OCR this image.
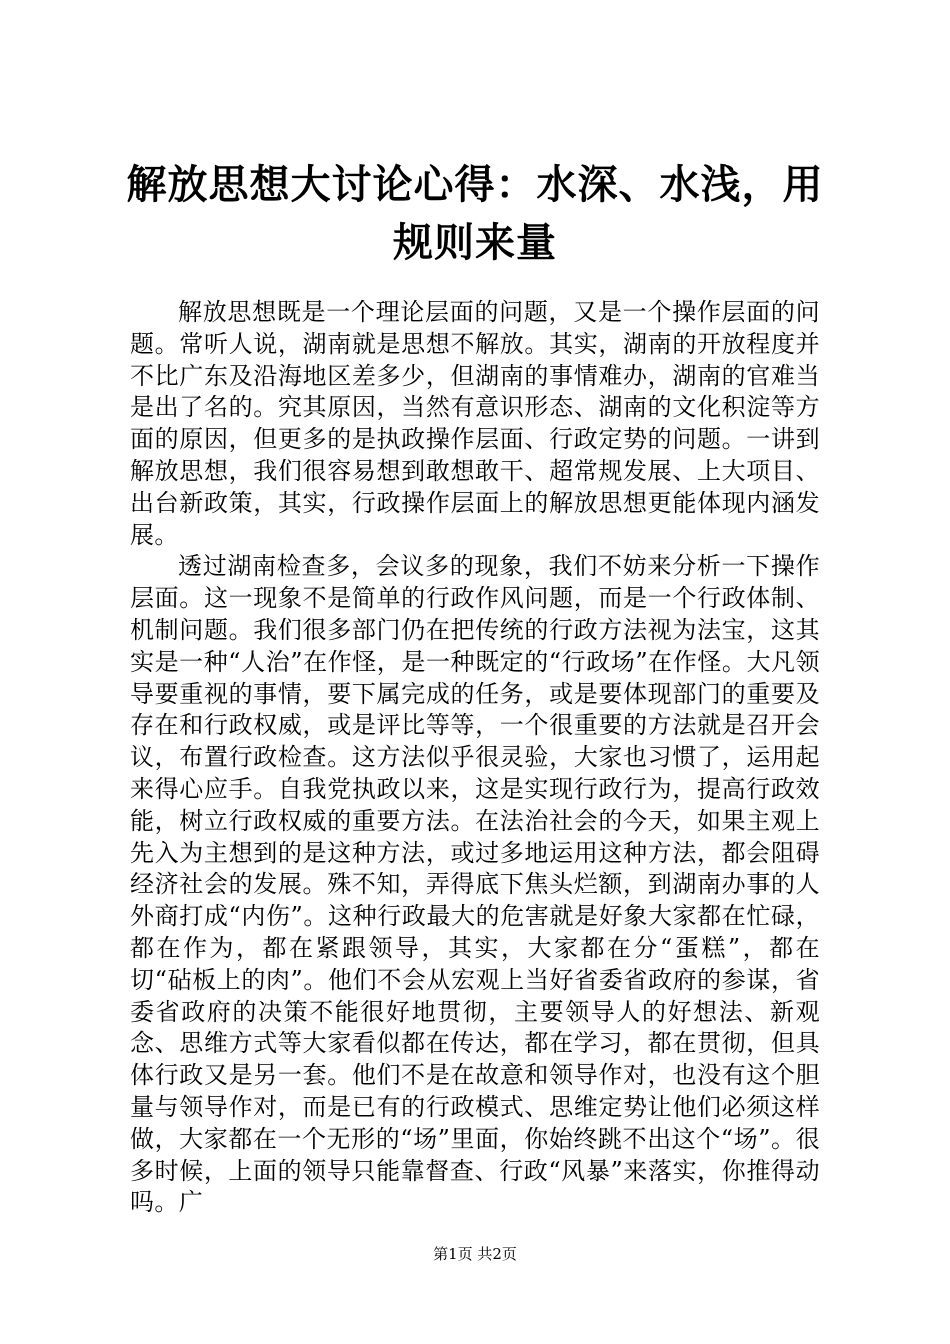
解放思想大讨论心得：水深、水浅，用规则来量

解放思想既是一个理论层面的问题，又是一个操作层面的问题。常听人说，湖南就是思想不解放。其实，湖南的开放程度并不比广东及沿海地区差多少，但湖南的事情难办，湖南的官难当是出了名的。究其原因，当然有意识形态、湖南的文化积淀等方面的原因，但更多的是执政操作层面、行政定势的问题。一讲到解放思想，我们很容易想到敢想敢干、超常规发展、上大项目、出台新政策，其实，行政操作层面上的解放思想更能体现内涵发展。

透过湖南检查多，会议多的现象，我们不妨来分析一下操作层面。这一现象不是简单的行政作风问题，而是一个行政体制、机制问题。我们很多部门仍在把传统的行政方法视为法宝，这其实是一种“人治”在作怪，是一种既定的“行政场”在作怪。大凡领导要重视的事情，要下属完成的任务，或是要体现部门的重要及存在和行政权威，或是评比等等，一个很重要的方法就是召开会议，布置行政检查。这方法似乎很灵验，大家也习惯了，运用起来得心应手。自我党执政以来，这是实现行政行为，提高行政效能，树立行政权威的重要方法。在法治社会的今天，如果主观上先入为主想到的是这种方法，或过多地运用这种方法，都会阻碍经济社会的发展。殊不知，弄得底下焦头烂额，到湖南办事的人外商打成“内伤”。这种行政最大的危害就是好象大家都在忙碌，都在作为，都在紧跟领导，其实，大家都在分“蛋糕”，都在切“砧板上的肉”。他们不会从宏观上当好省委省政府的参谋，省委省政府的决策不能很好地贯彻，主要领导人的好想法、新观念、思维方式等大家看似都在传达，都在学习，都在贯彻，但具体行政又是另一套。他们不是在故意和领导作对，也没有这个胆量与领导作对，而是已有的行政模式、思维定势让他们必须这样做，大家都在一个无形的“场”里面，你始终跳不出这个“场”。很多时候，上面的领导只能靠督查、行政“风暴”来落实，你推得动吗。广

第1页 共2页
